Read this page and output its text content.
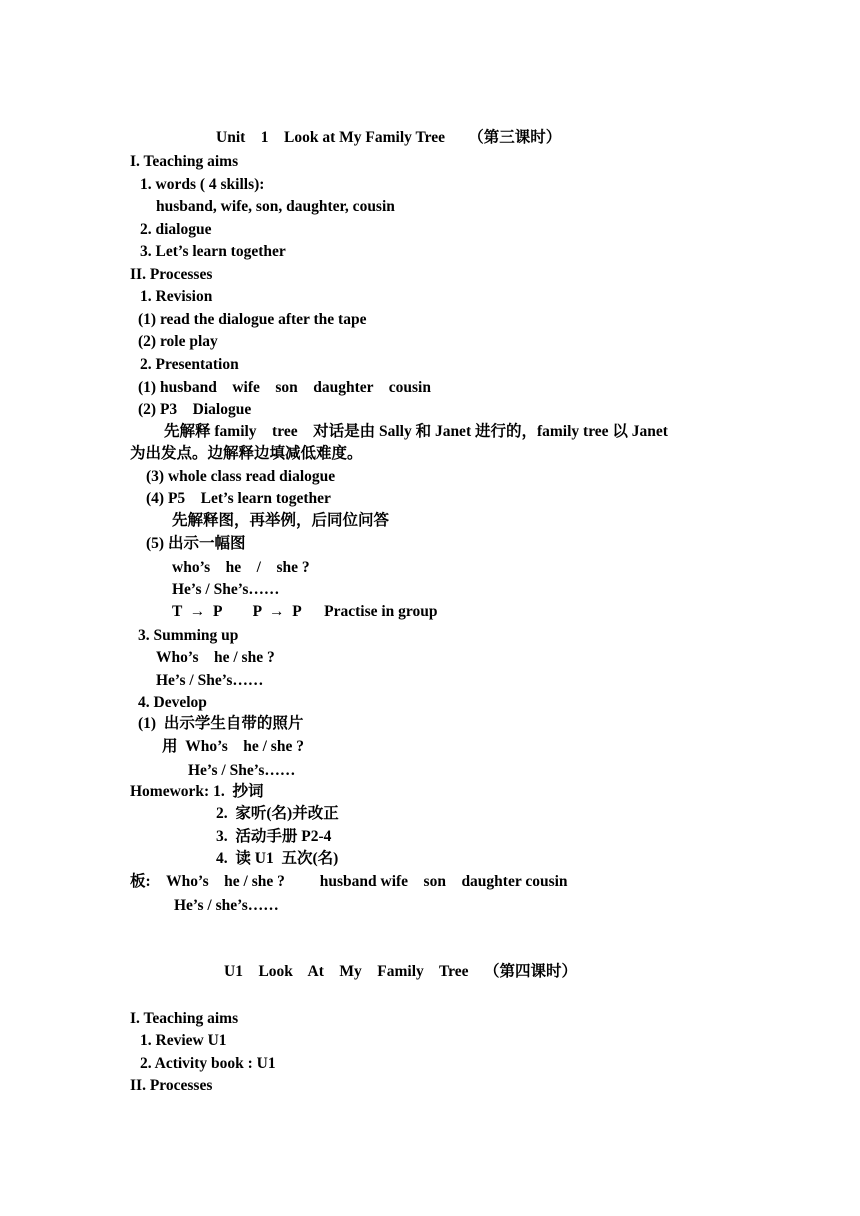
Unit    1    Look at My Family Tree      （第三课时）
I. Teaching aims
1. words ( 4 skills):
husband, wife, son, daughter, cousin
2. dialogue
3. Let’s learn together
II. Processes
1. Revision
(1) read the dialogue after the tape
(2) role play
2. Presentation
(1) husband    wife    son    daughter    cousin
(2) P3    Dialogue
先解释 family    tree    对话是由 Sally 和 Janet 进行的，family tree 以 Janet
为出发点。边解释边填减低难度。
(3) whole class read dialogue
(4) P5    Let’s learn together
先解释图，再举例，后同位问答
(5) 出示一幅图
who’s    he    /    she ?
He’s / She’s……
T  →  P        P  →  P      Practise in group
3. Summing up
Who’s    he / she ?
He’s / She’s……
4. Develop
(1)  出示学生自带的照片
用  Who’s    he / she ?
He’s / She’s……
Homework: 1.  抄词
2.  家听(名)并改正
3.  活动手册 P2-4
4.  读 U1  五次(名)
板:    Who’s    he / she ?         husband wife    son    daughter cousin
He’s / she’s……
U1    Look    At    My    Family    Tree    （第四课时）
I. Teaching aims
1. Review U1
2. Activity book : U1
II. Processes
